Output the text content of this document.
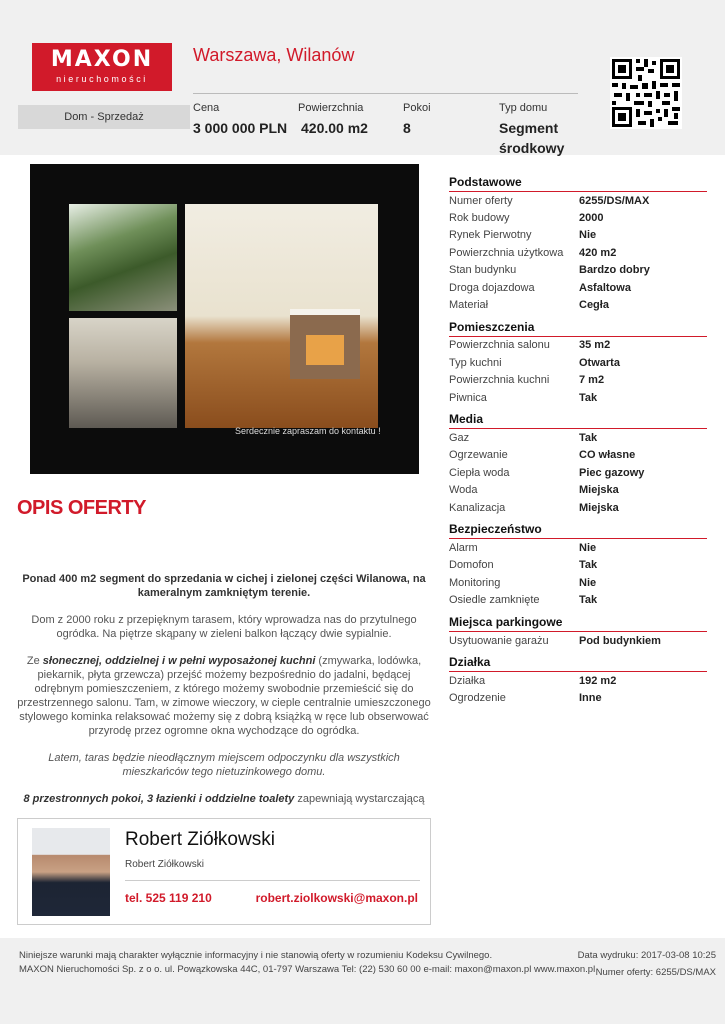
MAXON
nieruchomości
Warszawa, Wilanów
Dom - Sprzedaż
Cena
3 000 000 PLN
Powierzchnia
420.00 m2
Pokoi
8
Typ domu
Segment środkowy
Serdecznie zapraszam do kontaktu !
OPIS OFERTY

Ponad 400 m2 segment do sprzedania w cichej i zielonej części Wilanowa, na kameralnym zamkniętym terenie.

Dom z 2000 roku z przepięknym tarasem, który wprowadza nas do przytulnego ogródka. Na piętrze skąpany w zieleni balkon łączący dwie sypialnie.

Ze słonecznej, oddzielnej i w pełni wyposażonej kuchni (zmywarka, lodówka, piekarnik, płyta grzewcza) przejść możemy bezpośrednio do jadalni, będącej odrębnym pomieszczeniem, z którego możemy swobodnie przemieścić się do przestrzennego salonu. Tam, w zimowe wieczory, w cieple centralnie umieszczonego stylowego kominka relaksować możemy się z dobrą książką w ręce lub obserwować przyrodę przez ogromne okna wychodzące do ogródka.

Latem, taras będzie nieodłącznym miejscem odpoczynku dla wszystkich mieszkańców tego nietuzinkowego domu.

8 przestronnych pokoi, 3 łazienki i oddzielne toalety zapewniają wystarczającą

Podstawowe
Numer oferty	6255/DS/MAX
Rok budowy	2000
Rynek Pierwotny	Nie
Powierzchnia użytkowa	420 m2
Stan budynku	Bardzo dobry
Droga dojazdowa	Asfaltowa
Materiał	Cegła
Pomieszczenia
Powierzchnia salonu	35 m2
Typ kuchni	Otwarta
Powierzchnia kuchni	7 m2
Piwnica	Tak
Media
Gaz	Tak
Ogrzewanie	CO własne
Ciepła woda	Piec gazowy
Woda	Miejska
Kanalizacja	Miejska
Bezpieczeństwo
Alarm	Nie
Domofon	Tak
Monitoring	Nie
Osiedle zamknięte	Tak
Miejsca parkingowe
Usytuowanie garażu	Pod budynkiem
Działka
Działka	192 m2
Ogrodzenie	Inne
Robert Ziółkowski
Robert Ziółkowski
tel. 525 119 210	robert.ziolkowski@maxon.pl
Niniejsze warunki mają charakter wyłącznie informacyjny i nie stanowią oferty w rozumieniu Kodeksu Cywilnego.
MAXON Nieruchomości Sp. z o o. ul. Powązkowska 44C, 01-797 Warszawa Tel: (22) 530 60 00 e-mail: maxon@maxon.pl www.maxon.pl
Data wydruku: 2017-03-08 10:25
Numer oferty: 6255/DS/MAX
